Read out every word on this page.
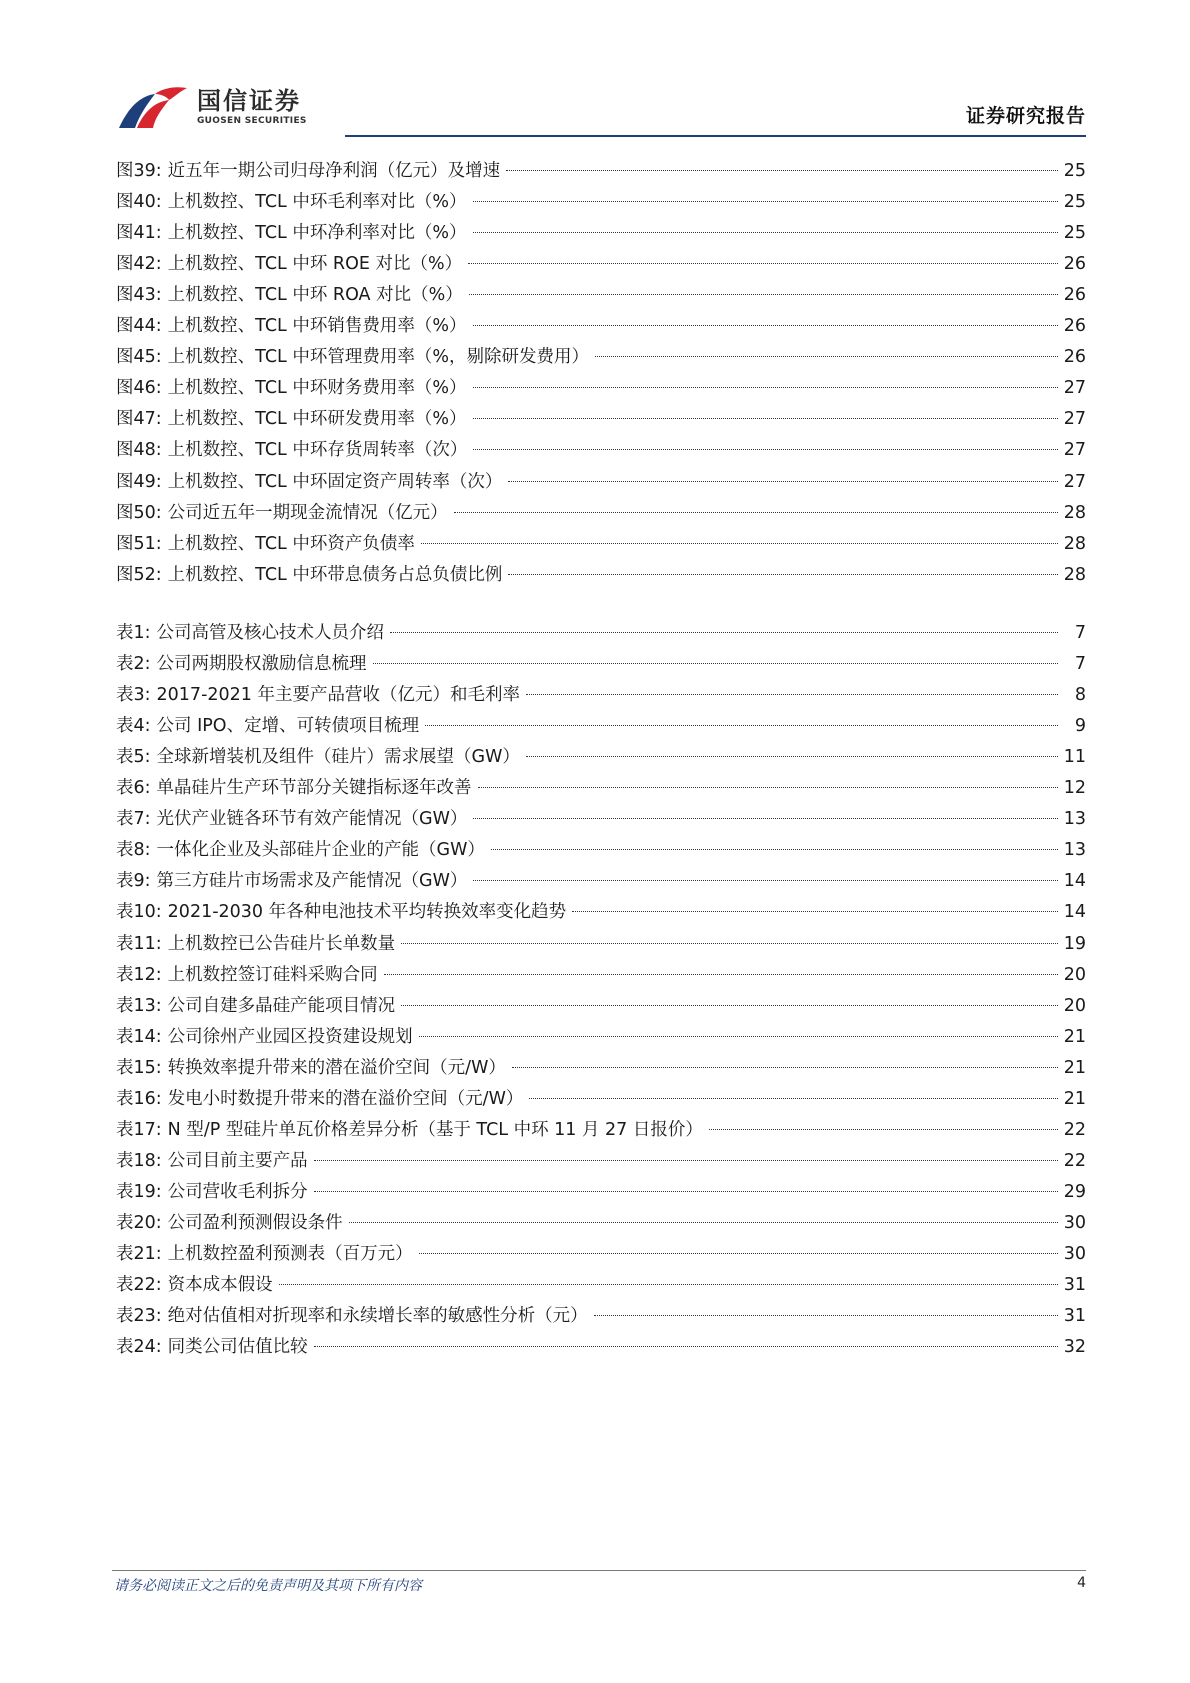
国信证券
GUOSEN SECURITIES	证券研究报告
图39: 近五年一期公司归母净利润（亿元）及增速	25
图40: 上机数控、TCL 中环毛利率对比（%）	25
图41: 上机数控、TCL 中环净利率对比（%）	25
图42: 上机数控、TCL 中环 ROE 对比（%）	26
图43: 上机数控、TCL 中环 ROA 对比（%）	26
图44: 上机数控、TCL 中环销售费用率（%）	26
图45: 上机数控、TCL 中环管理费用率（%，剔除研发费用）	26
图46: 上机数控、TCL 中环财务费用率（%）	27
图47: 上机数控、TCL 中环研发费用率（%）	27
图48: 上机数控、TCL 中环存货周转率（次）	27
图49: 上机数控、TCL 中环固定资产周转率（次）	27
图50: 公司近五年一期现金流情况（亿元）	28
图51: 上机数控、TCL 中环资产负债率	28
图52: 上机数控、TCL 中环带息债务占总负债比例	28
表1: 公司高管及核心技术人员介绍	7
表2: 公司两期股权激励信息梳理	7
表3: 2017-2021 年主要产品营收（亿元）和毛利率	8
表4: 公司 IPO、定增、可转债项目梳理	9
表5: 全球新增装机及组件（硅片）需求展望（GW）	11
表6: 单晶硅片生产环节部分关键指标逐年改善	12
表7: 光伏产业链各环节有效产能情况（GW）	13
表8: 一体化企业及头部硅片企业的产能（GW）	13
表9: 第三方硅片市场需求及产能情况（GW）	14
表10: 2021-2030 年各种电池技术平均转换效率变化趋势	14
表11: 上机数控已公告硅片长单数量	19
表12: 上机数控签订硅料采购合同	20
表13: 公司自建多晶硅产能项目情况	20
表14: 公司徐州产业园区投资建设规划	21
表15: 转换效率提升带来的潜在溢价空间（元/W）	21
表16: 发电小时数提升带来的潜在溢价空间（元/W）	21
表17: N 型/P 型硅片单瓦价格差异分析（基于 TCL 中环 11 月 27 日报价）	22
表18: 公司目前主要产品	22
表19: 公司营收毛利拆分	29
表20: 公司盈利预测假设条件	30
表21: 上机数控盈利预测表（百万元）	30
表22: 资本成本假设	31
表23: 绝对估值相对折现率和永续增长率的敏感性分析（元）	31
表24: 同类公司估值比较	32
请务必阅读正文之后的免责声明及其项下所有内容	4
